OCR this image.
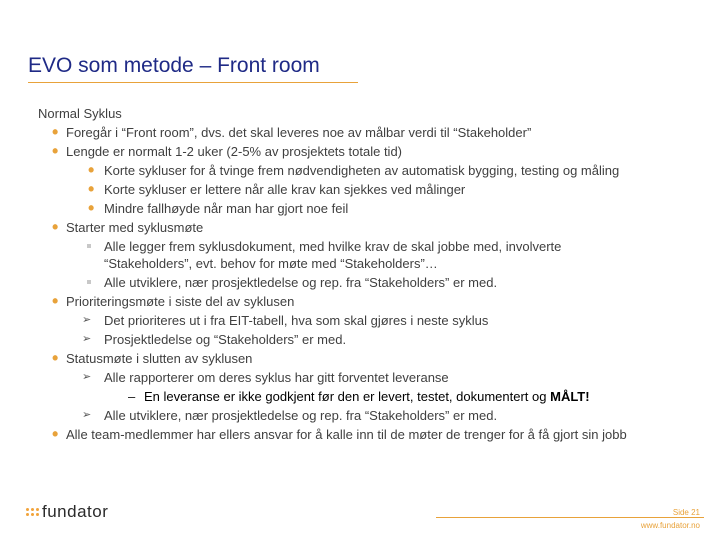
EVO som metode – Front room
Normal Syklus
• Foregår i “Front room”, dvs. det skal leveres noe av målbar verdi til “Stakeholder”
• Lengde er normalt 1-2 uker (2-5% av prosjektets totale tid)
• Korte sykluser for å tvinge frem nødvendigheten av automatisk bygging, testing og måling
• Korte sykluser er lettere når alle krav kan sjekkes ved målinger
• Mindre fallhøyde når man har gjort noe feil
• Starter med syklusmøte
Alle legger frem syklusdokument, med hvilke krav de skal jobbe med, involverte
“Stakeholders”, evt. behov for møte med “Stakeholders”…
Alle utviklere, nær prosjektledelse og rep. fra “Stakeholders” er med.
• Prioriteringsmøte i siste del av syklusen
➢ Det prioriteres ut i fra EIT-tabell, hva som skal gjøres i neste syklus
➢ Prosjektledelse og “Stakeholders” er med.
• Statusmøte i slutten av syklusen
➢ Alle rapporterer om deres syklus har gitt forventet leveranse
– En leveranse er ikke godkjent før den er levert, testet, dokumentert og MÅLT!
➢ Alle utviklere, nær prosjektledelse og rep. fra “Stakeholders” er med.
• Alle team-medlemmer har ellers ansvar for å kalle inn til de møter de trenger for å få gjort sin jobb
fundator	Side 21
www.fundator.no
